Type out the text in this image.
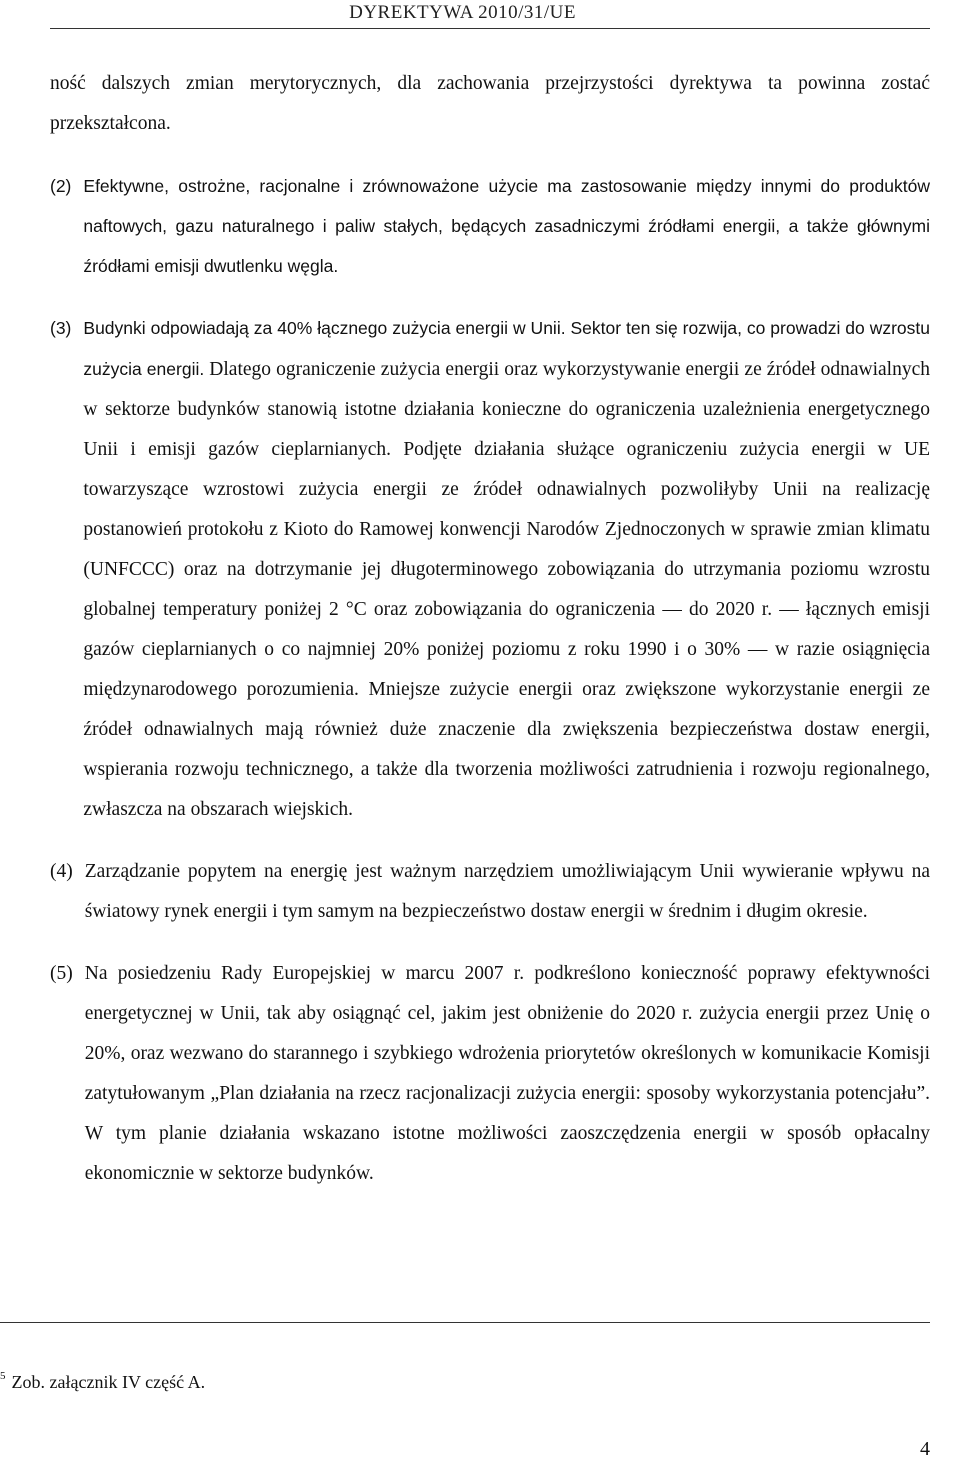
DYREKTYWA 2010/31/UE

ność dalszych zmian merytorycznych, dla zachowania przejrzystości dyrektywa ta powinna zostać przekształcona.

(2) Efektywne, ostrożne, racjonalne i zrównoważone użycie ma zastosowanie między innymi do produktów naftowych, gazu naturalnego i paliw stałych, będących zasadniczymi źródłami energii, a także głównymi źródłami emisji dwutlenku węgla.
(3) Budynki odpowiadają za 40% łącznego zużycia energii w Unii. Sektor ten się rozwija, co prowadzi do wzrostu zużycia energii. Dlatego ograniczenie zużycia energii oraz wykorzystywanie energii ze źródeł odnawialnych w sektorze budynków stanowią istotne działania konieczne do ograniczenia uzależnienia energetycznego Unii i emisji gazów cieplarnianych. Podjęte działania służące ograniczeniu zużycia energii w UE towarzyszące wzrostowi zużycia energii ze źródeł odnawialnych pozwoliłyby Unii na realizację postanowień protokołu z Kioto do Ramowej konwencji Narodów Zjednoczonych w sprawie zmian klimatu (UNFCCC) oraz na dotrzymanie jej długoterminowego zobowiązania do utrzymania poziomu wzrostu globalnej temperatury poniżej 2 °C oraz zobowiązania do ograniczenia — do 2020 r. — łącznych emisji gazów cieplarnianych o co najmniej 20% poniżej poziomu z roku 1990 i o 30% — w razie osiągnięcia międzynarodowego porozumienia. Mniejsze zużycie energii oraz zwiększone wykorzystanie energii ze źródeł odnawialnych mają również duże znaczenie dla zwiększenia bezpieczeństwa dostaw energii, wspierania rozwoju technicznego, a także dla tworzenia możliwości zatrudnienia i rozwoju regionalnego, zwłaszcza na obszarach wiejskich.
(4) Zarządzanie popytem na energię jest ważnym narzędziem umożliwiającym Unii wywieranie wpływu na światowy rynek energii i tym samym na bezpieczeństwo dostaw energii w średnim i długim okresie.
(5) Na posiedzeniu Rady Europejskiej w marcu 2007 r. podkreślono konieczność poprawy efektywności energetycznej w Unii, tak aby osiągnąć cel, jakim jest obniżenie do 2020 r. zużycia energii przez Unię o 20%, oraz wezwano do starannego i szybkiego wdrożenia priorytetów określonych w komunikacie Komisji zatytułowanym „Plan działania na rzecz racjonalizacji zużycia energii: sposoby wykorzystania potencjału”. W tym planie działania wskazano istotne możliwości zaoszczędzenia energii w sposób opłacalny ekonomicznie w sektorze budynków.
$^5$ Zob. załącznik IV część A.
4
